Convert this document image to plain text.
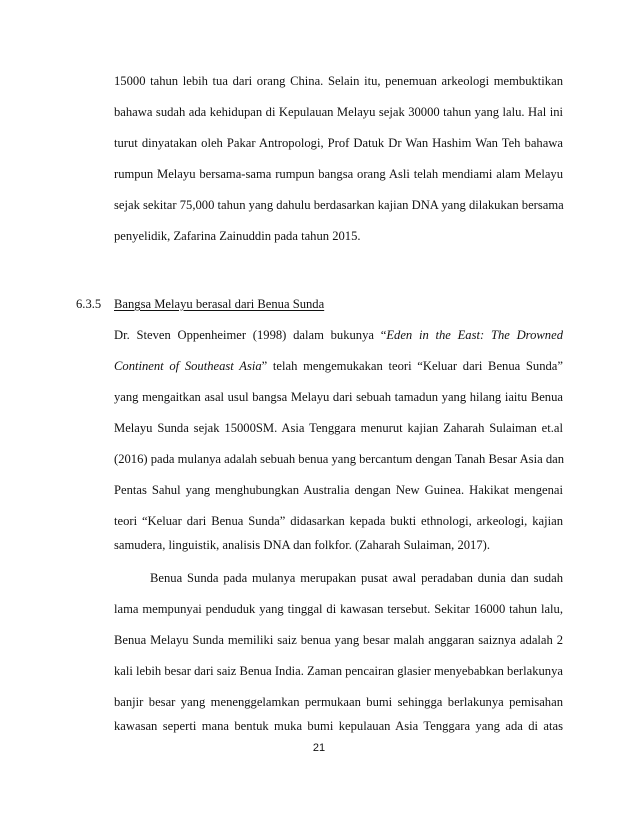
15000 tahun lebih tua dari orang China. Selain itu, penemuan arkeologi membuktikan
bahawa sudah ada kehidupan di Kepulauan Melayu sejak 30000 tahun yang lalu. Hal ini
turut dinyatakan oleh Pakar Antropologi, Prof Datuk Dr Wan Hashim Wan Teh bahawa
rumpun Melayu bersama-sama rumpun bangsa orang Asli telah mendiami alam Melayu
sejak sekitar 75,000 tahun yang dahulu berdasarkan kajian DNA yang dilakukan bersama
penyelidik, Zafarina Zainuddin pada tahun 2015.
6.3.5 Bangsa Melayu berasal dari Benua Sunda
Dr. Steven Oppenheimer (1998) dalam bukunya “Eden in the East: The Drowned
Continent of Southeast Asia” telah mengemukakan teori “Keluar dari Benua Sunda”
yang mengaitkan asal usul bangsa Melayu dari sebuah tamadun yang hilang iaitu Benua
Melayu Sunda sejak 15000SM. Asia Tenggara menurut kajian Zaharah Sulaiman et.al
(2016) pada mulanya adalah sebuah benua yang bercantum dengan Tanah Besar Asia dan
Pentas Sahul yang menghubungkan Australia dengan New Guinea. Hakikat mengenai
teori “Keluar dari Benua Sunda” didasarkan kepada bukti ethnologi, arkeologi, kajian
samudera, linguistik, analisis DNA dan folkfor. (Zaharah Sulaiman, 2017).
Benua Sunda pada mulanya merupakan pusat awal peradaban dunia dan sudah
lama mempunyai penduduk yang tinggal di kawasan tersebut. Sekitar 16000 tahun lalu,
Benua Melayu Sunda memiliki saiz benua yang besar malah anggaran saiznya adalah 2
kali lebih besar dari saiz Benua India. Zaman pencairan glasier menyebabkan berlakunya
banjir besar yang menenggelamkan permukaan bumi sehingga berlakunya pemisahan
kawasan seperti mana bentuk muka bumi kepulauan Asia Tenggara yang ada di atas
21
